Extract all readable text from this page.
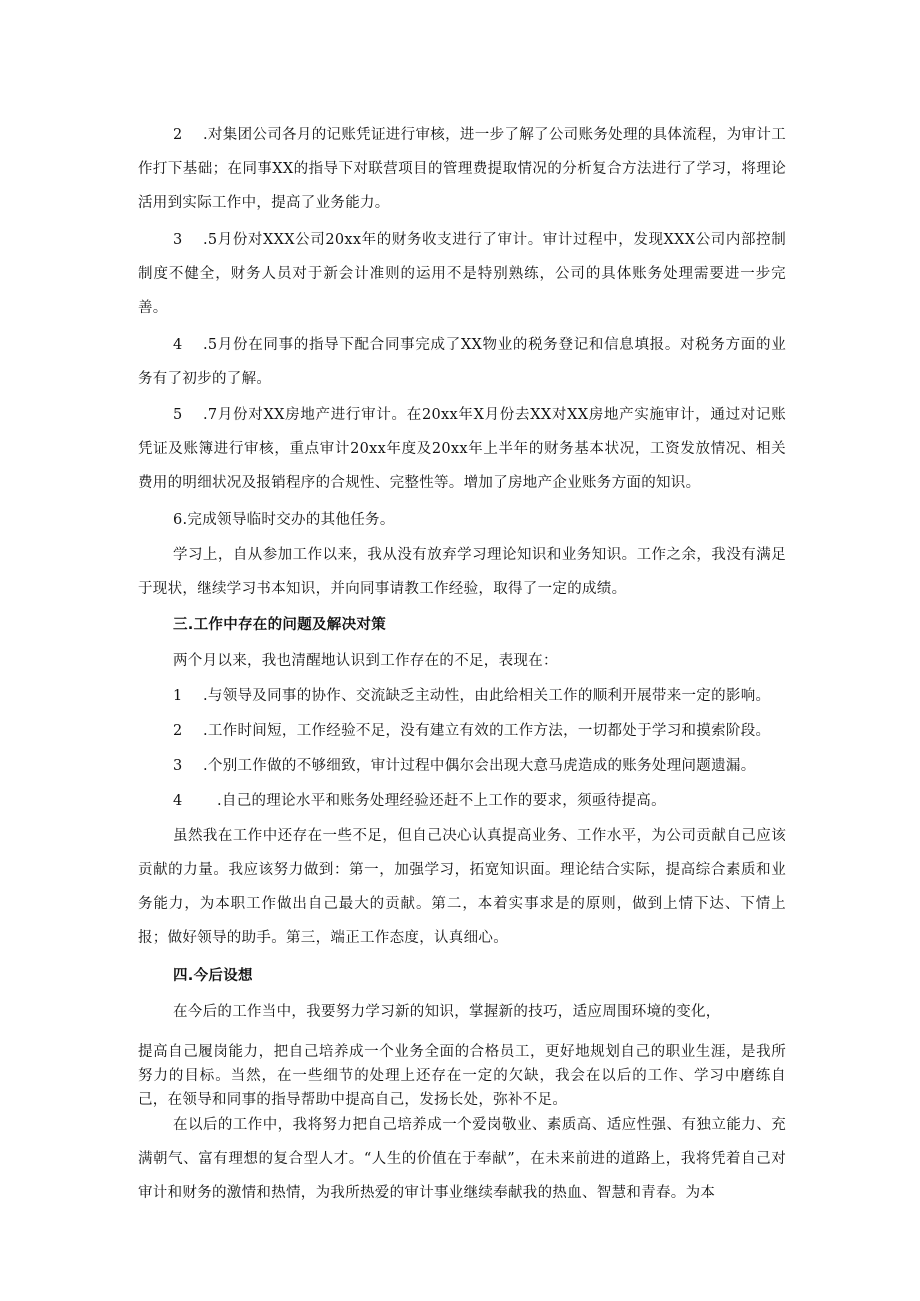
2 .对集团公司各月的记账凭证进行审核，进一步了解了公司账务处理的具体流程，为审计工作打下基础；在同事XX的指导下对联营项目的管理费提取情况的分析复合方法进行了学习，将理论活用到实际工作中，提高了业务能力。

3 .5月份对XXX公司20xx年的财务收支进行了审计。审计过程中，发现XXX公司内部控制制度不健全，财务人员对于新会计准则的运用不是特别熟练，公司的具体账务处理需要进一步完善。

4 .5月份在同事的指导下配合同事完成了XX物业的税务登记和信息填报。对税务方面的业务有了初步的了解。

5 .7月份对XX房地产进行审计。在20xx年X月份去XX对XX房地产实施审计，通过对记账凭证及账簿进行审核，重点审计20xx年度及20xx年上半年的财务基本状况，工资发放情况、相关费用的明细状况及报销程序的合规性、完整性等。增加了房地产企业账务方面的知识。

6.完成领导临时交办的其他任务。

学习上，自从参加工作以来，我从没有放弃学习理论知识和业务知识。工作之余，我没有满足于现状，继续学习书本知识，并向同事请教工作经验，取得了一定的成绩。

三.工作中存在的问题及解决对策

两个月以来，我也清醒地认识到工作存在的不足，表现在：

1 .与领导及同事的协作、交流缺乏主动性，由此给相关工作的顺利开展带来一定的影响。

2 .工作时间短，工作经验不足，没有建立有效的工作方法，一切都处于学习和摸索阶段。

3 .个别工作做的不够细致，审计过程中偶尔会出现大意马虎造成的账务处理问题遗漏。

4 .自己的理论水平和账务处理经验还赶不上工作的要求，须亟待提高。

虽然我在工作中还存在一些不足，但自己决心认真提高业务、工作水平，为公司贡献自己应该贡献的力量。我应该努力做到：第一，加强学习，拓宽知识面。理论结合实际，提高综合素质和业务能力，为本职工作做出自己最大的贡献。第二，本着实事求是的原则，做到上情下达、下情上报；做好领导的助手。第三，端正工作态度，认真细心。

四.今后设想

在今后的工作当中，我要努力学习新的知识，掌握新的技巧，适应周围环境的变化，

提高自己履岗能力，把自己培养成一个业务全面的合格员工，更好地规划自己的职业生涯，是我所努力的目标。当然，在一些细节的处理上还存在一定的欠缺，我会在以后的工作、学习中磨练自己，在领导和同事的指导帮助中提高自己，发扬长处，弥补不足。

在以后的工作中，我将努力把自己培养成一个爱岗敬业、素质高、适应性强、有独立能力、充满朝气、富有理想的复合型人才。“人生的价值在于奉献”，在未来前进的道路上，我将凭着自己对审计和财务的激情和热情，为我所热爱的审计事业继续奉献我的热血、智慧和青春。为本
